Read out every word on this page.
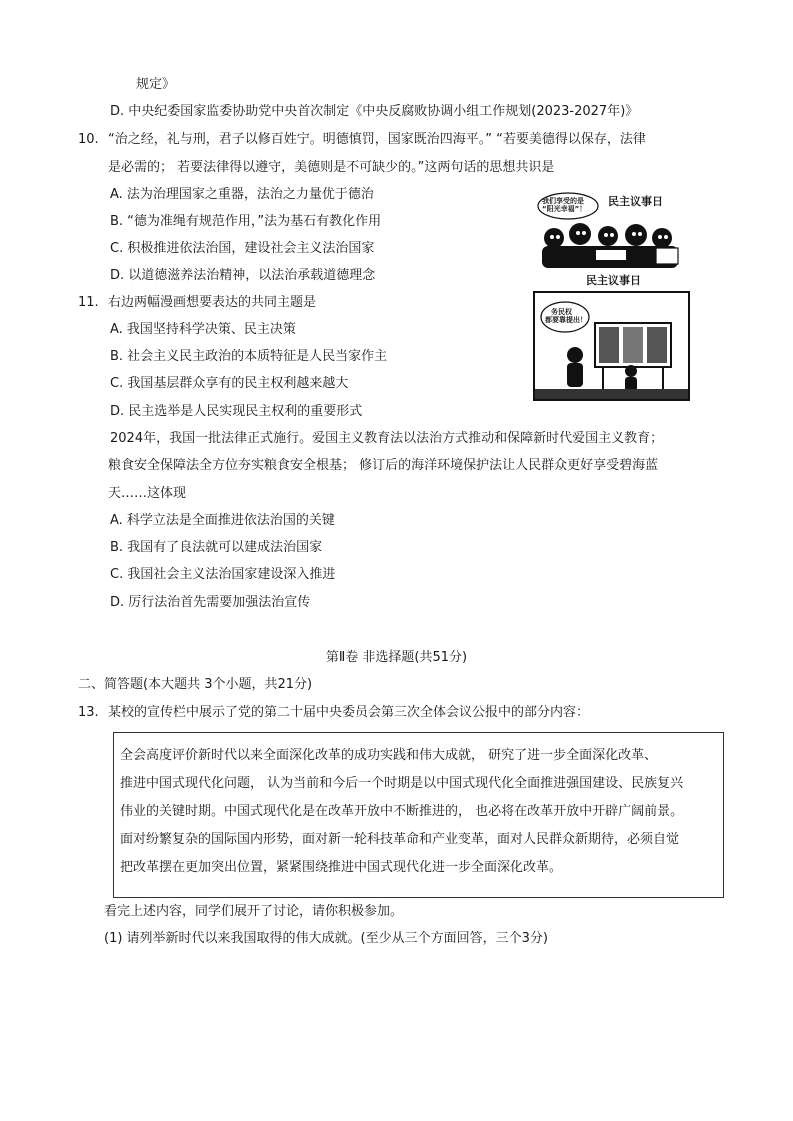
规定》
D. 中央纪委国家监委协助党中央首次制定《中央反腐败协调小组工作规划(2023-2027年)》
10. “治之经，礼与刑，君子以修百姓宁。明德慎罚，国家既治四海平。” “若要美德得以保存，法律
是必需的； 若要法律得以遵守，美德则是不可缺少的。”这两句话的思想共识是
A. 法为治理国家之重器，法治之力量优于德治
B. “德为准绳有规范作用，”法为基石有教化作用
C. 积极推进依法治国，建设社会主义法治国家
D. 以道德滋养法治精神，以法治承载道德理念
我们享受的是
“阳光幸福”！
民主议事日
民主议事日
务民权
都要靠提出！
11. 右边两幅漫画想要表达的共同主题是
A. 我国坚持科学决策、民主决策
B. 社会主义民主政治的本质特征是人民当家作主
C. 我国基层群众享有的民主权利越来越大
D. 民主选举是人民实现民主权利的重要形式
2024年，我国一批法律正式施行。爱国主义教育法以法治方式推动和保障新时代爱国主义教育；
粮食安全保障法全方位夯实粮食安全根基； 修订后的海洋环境保护法让人民群众更好享受碧海蓝
天……这体现
A. 科学立法是全面推进依法治国的关键
B. 我国有了良法就可以建成法治国家
C. 我国社会主义法治国家建设深入推进
D. 厉行法治首先需要加强法治宣传
第Ⅱ卷 非选择题(共51分)
二、简答题(本大题共 3个小题，共21分)
13. 某校的宣传栏中展示了党的第二十届中央委员会第三次全体会议公报中的部分内容：
全会高度评价新时代以来全面深化改革的成功实践和伟大成就， 研究了进一步全面深化改革、
推进中国式现代化问题， 认为当前和今后一个时期是以中国式现代化全面推进强国建设、民族复兴
伟业的关键时期。中国式现代化是在改革开放中不断推进的， 也必将在改革开放中开辟广阔前景。
面对纷繁复杂的国际国内形势，面对新一轮科技革命和产业变革，面对人民群众新期待，必须自觉
把改革摆在更加突出位置，紧紧围绕推进中国式现代化进一步全面深化改革。
看完上述内容，同学们展开了讨论，请你积极参加。
(1) 请列举新时代以来我国取得的伟大成就。(至少从三个方面回答，三个3分)
